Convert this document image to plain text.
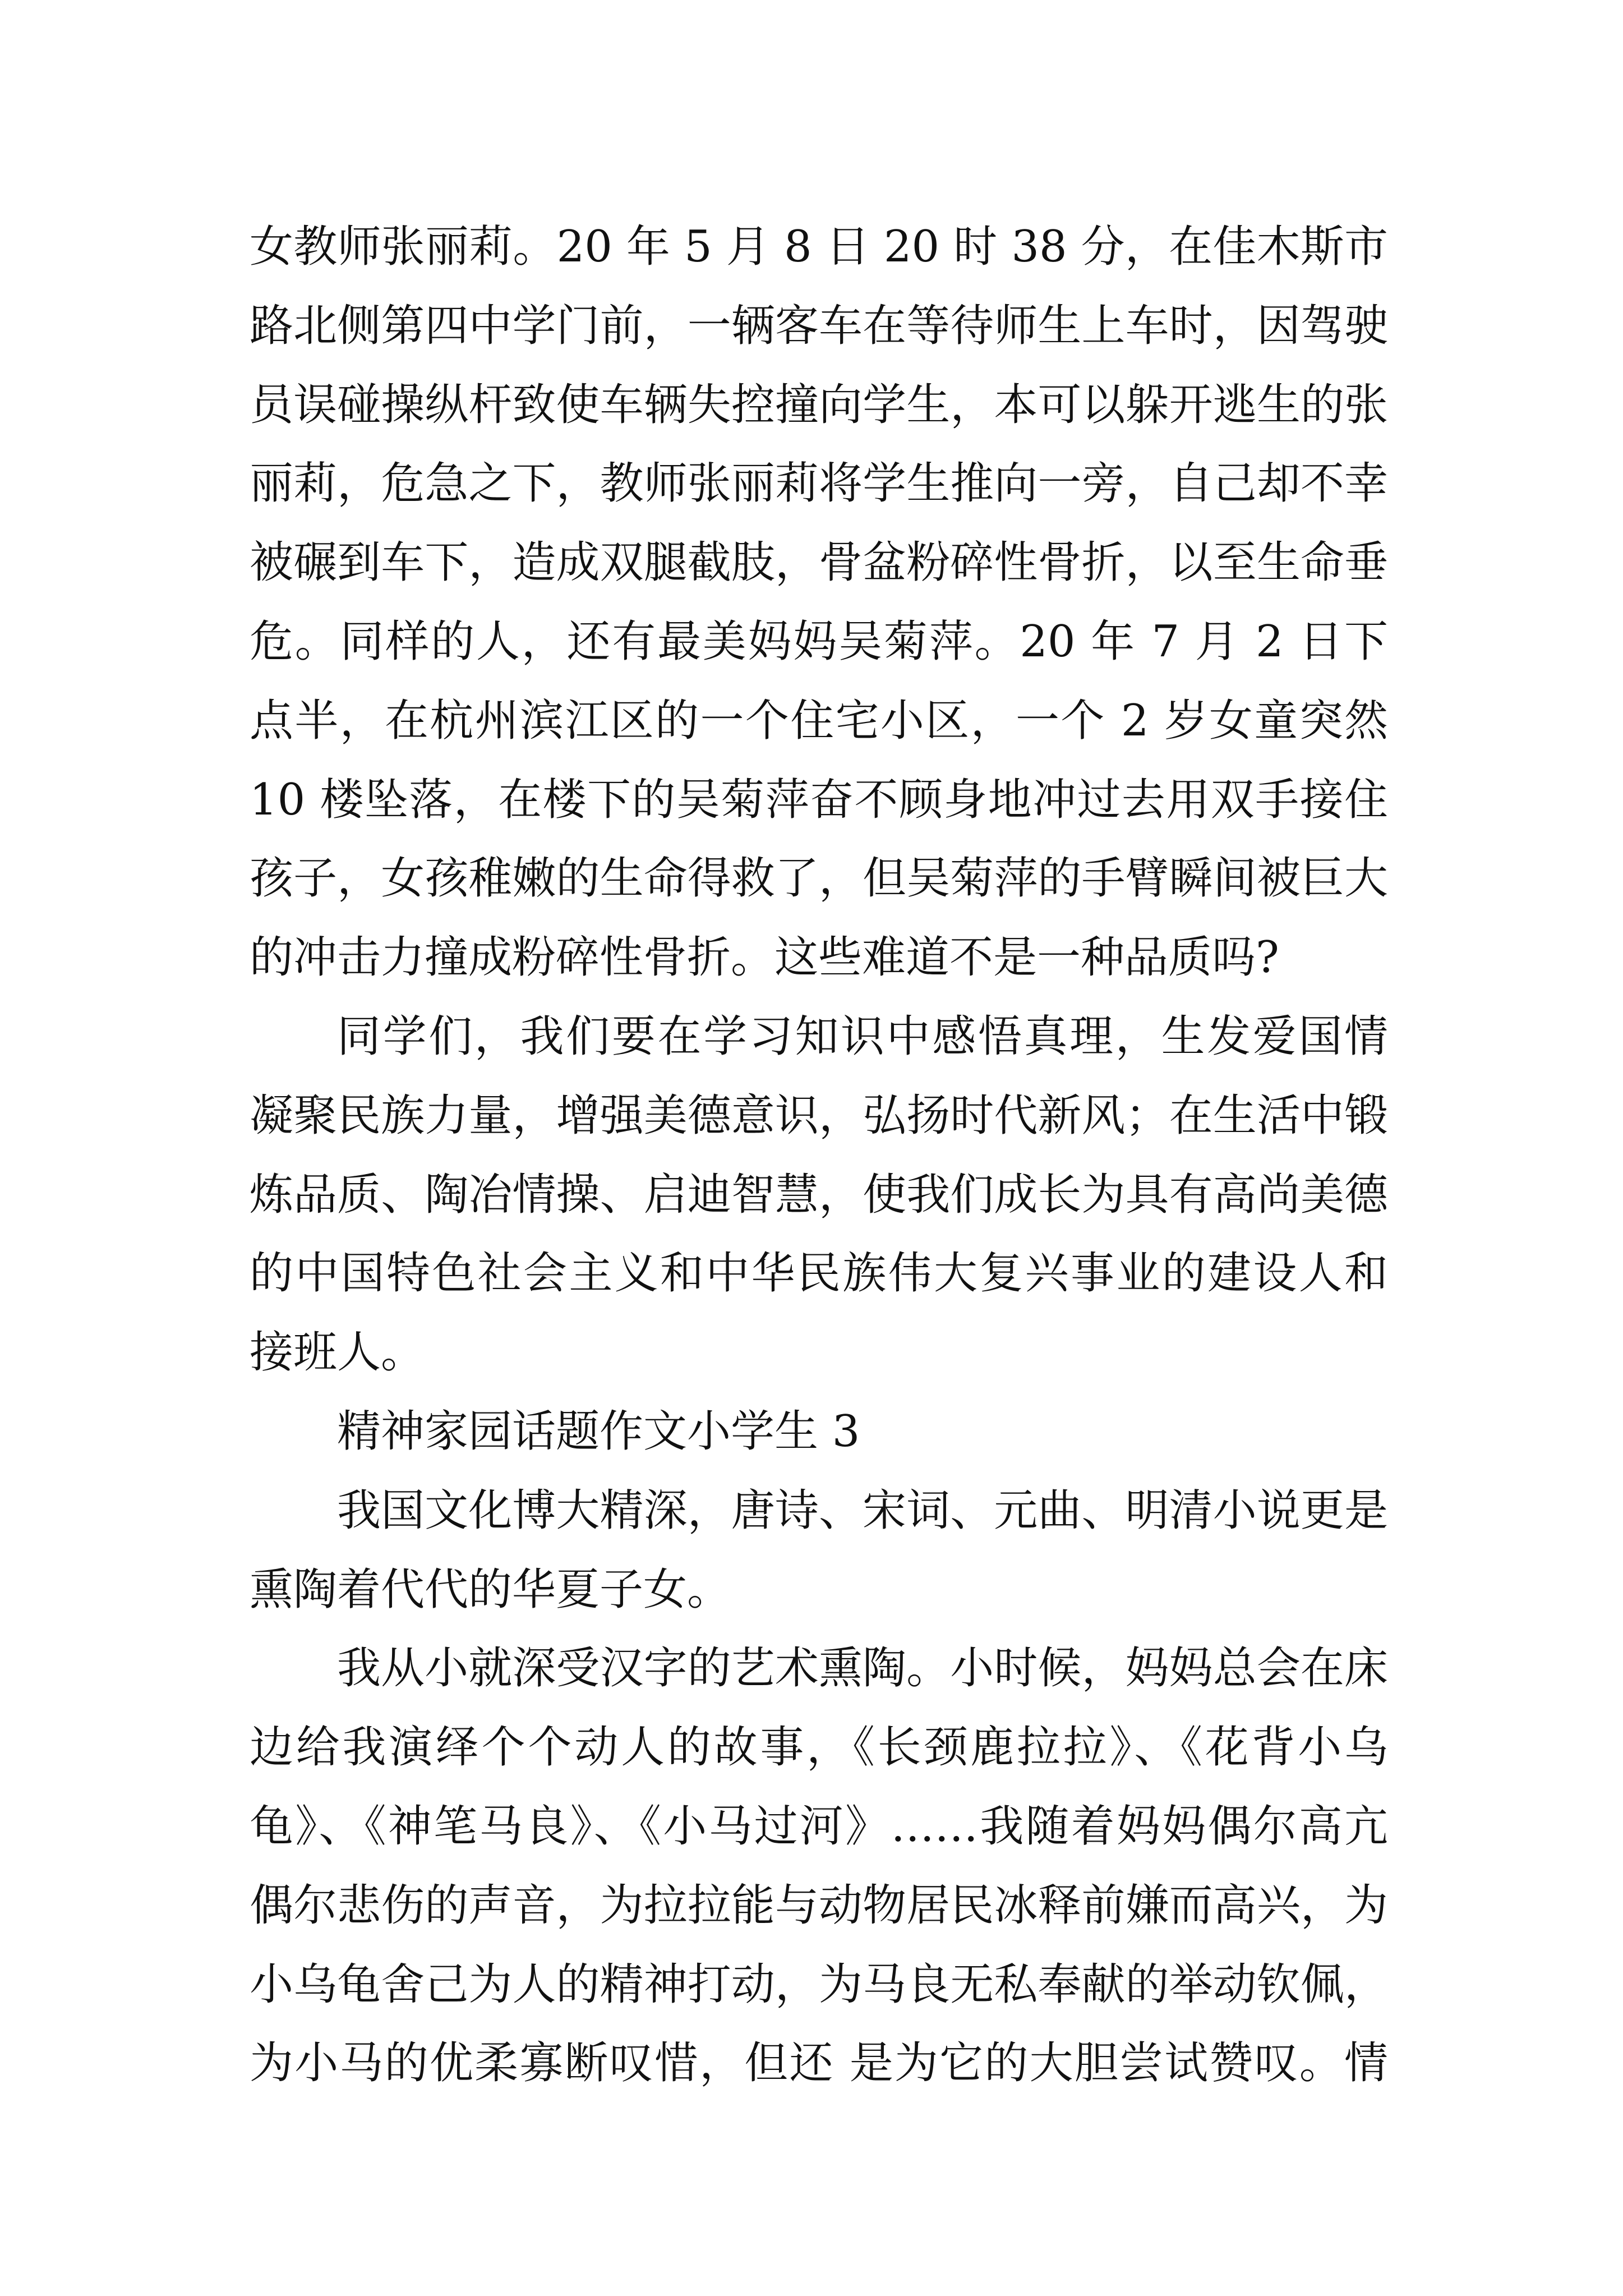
女教师张丽莉。20 年 5 月 8 日 20 时 38 分，在佳木斯市
路北侧第四中学门前，一辆客车在等待师生上车时，因驾驶
员误碰操纵杆致使车辆失控撞向学生，本可以躲开逃生的张
丽莉，危急之下，教师张丽莉将学生推向一旁，自己却不幸
被碾到车下，造成双腿截肢，骨盆粉碎性骨折，以至生命垂
危。同样的人，还有最美妈妈吴菊萍。20 年 7 月 2 日下
点半，在杭州滨江区的一个住宅小区，一个 2 岁女童突然
10 楼坠落，在楼下的吴菊萍奋不顾身地冲过去用双手接住
孩子，女孩稚嫩的生命得救了，但吴菊萍的手臂瞬间被巨大
的冲击力撞成粉碎性骨折。这些难道不是一种品质吗?
同学们，我们要在学习知识中感悟真理，生发爱国情
凝聚民族力量，增强美德意识，弘扬时代新风；在生活中锻
炼品质、陶冶情操、启迪智慧，使我们成长为具有高尚美德
的中国特色社会主义和中华民族伟大复兴事业的建设人和
接班人。
精神家园话题作文小学生 3
我国文化博大精深，唐诗、宋词、元曲、明清小说更是
熏陶着代代的华夏子女。
我从小就深受汉字的艺术熏陶。小时候，妈妈总会在床
边给我演绎个个动人的故事，《长颈鹿拉拉》、《花背小乌
龟》、《神笔马良》、《小马过河》……我随着妈妈偶尔高亢
偶尔悲伤的声音，为拉拉能与动物居民冰释前嫌而高兴，为
小乌龟舍己为人的精神打动，为马良无私奉献的举动钦佩，
为小马的优柔寡断叹惜，但还 是为它的大胆尝试赞叹。情
